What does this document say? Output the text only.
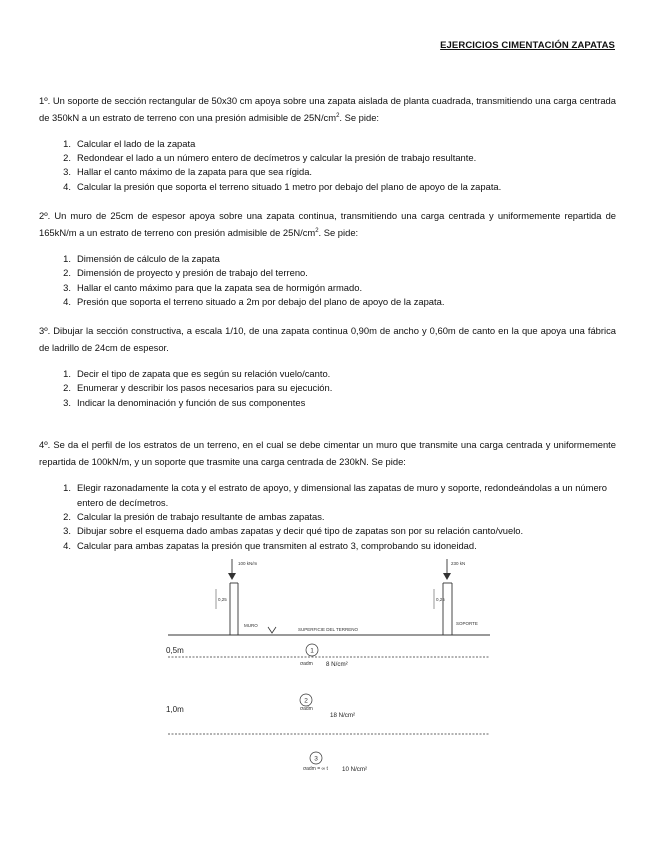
EJERCICIOS CIMENTACIÓN ZAPATAS
1º. Un soporte de sección rectangular de 50x30 cm apoya sobre una zapata aislada de planta cuadrada, transmitiendo una carga centrada de 350kN a un estrato de terreno con una presión admisible de $25N/cm^2$. Se pide:
1. Calcular el lado de la zapata
2. Redondear el lado a un número entero de decímetros y calcular la presión de trabajo resultante.
3. Hallar el canto máximo de la zapata para que sea rígida.
4. Calcular la presión que soporta el terreno situado 1 metro por debajo del plano de apoyo de la zapata.
2º. Un muro de 25cm de espesor apoya sobre una zapata continua, transmitiendo una carga centrada y uniformemente repartida de 165kN/m a un estrato de terreno con presión admisible de $25N/cm^2$. Se pide:
1. Dimensión de cálculo de la zapata
2. Dimensión de proyecto y presión de trabajo del terreno.
3. Hallar el canto máximo para que la zapata sea de hormigón armado.
4. Presión que soporta el terreno situado a 2m por debajo del plano de apoyo de la zapata.
3º. Dibujar la sección constructiva, a escala 1/10, de una zapata continua 0,90m de ancho y 0,60m de canto en la que apoya una fábrica de ladrillo de 24cm de espesor.
1. Decir el tipo de zapata que es según su relación vuelo/canto.
2. Enumerar y describir los pasos necesarios para su ejecución.
3. Indicar la denominación y función de sus componentes
4º. Se da el perfil de los estratos de un terreno, en el cual se debe cimentar un muro que transmite una carga centrada y uniformemente repartida de 100kN/m, y un soporte que trasmite una carga centrada de 230kN. Se pide:
1. Elegir razonadamente la cota y el estrato de apoyo, y dimensional las zapatas de muro y soporte, redondeándolas a un número entero de decímetros.
2. Calcular la presión de trabajo resultante de ambas zapatas.
3. Dibujar sobre el esquema dado ambas zapatas y decir qué tipo de zapatas son por su relación canto/vuelo.
4. Calcular para ambas zapatas la presión que transmiten al estrato 3, comprobando su idoneidad.
100 kN/m	230 kN
0,25	0,25
MURO	SOPORTE
SUPERFICIE DEL TERRENO
0,5m
1,0m
1
2
3
σadm
σadm
σadm = ∞ t
8 N/cm²
18 N/cm²
10 N/cm²
